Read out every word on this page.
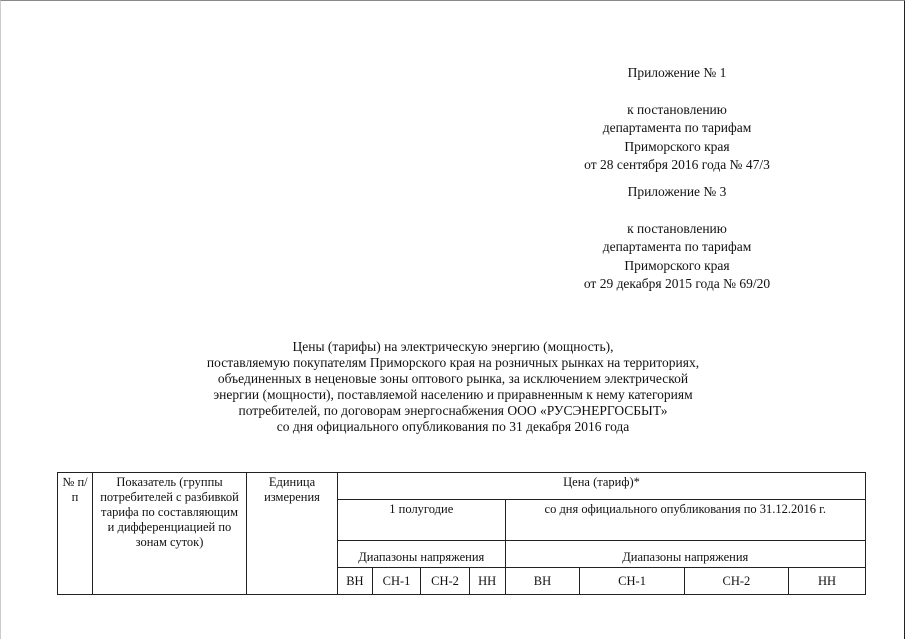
Приложение № 1
к постановлению
департамента по тарифам
Приморского края
от 28 сентября 2016 года № 47/3
Приложение № 3
к постановлению
департамента по тарифам
Приморского края
от 29 декабря 2015 года № 69/20
Цены (тарифы) на электрическую энергию (мощность),
поставляемую покупателям Приморского края на розничных рынках на территориях,
объединенных в неценовые зоны оптового рынка, за исключением электрической
энергии (мощности), поставляемой населению и приравненным к нему категориям
потребителей, по договорам энергоснабжения ООО «РУСЭНЕРГОСБЫТ»
со дня официального опубликования по 31 декабря 2016 года
№ п/п	Показатель (группы потребителей с разбивкой тарифа по составляющим и дифференциацией по зонам суток)	Единица измерения	Цена (тариф)*							
			1 полугодие				со дня официального опубликования по 31.12.2016 г.			
			Диапазоны напряжения				Диапазоны напряжения			
			ВН	СН-1	СН-2	НН	ВН	СН-1	СН-2	НН
